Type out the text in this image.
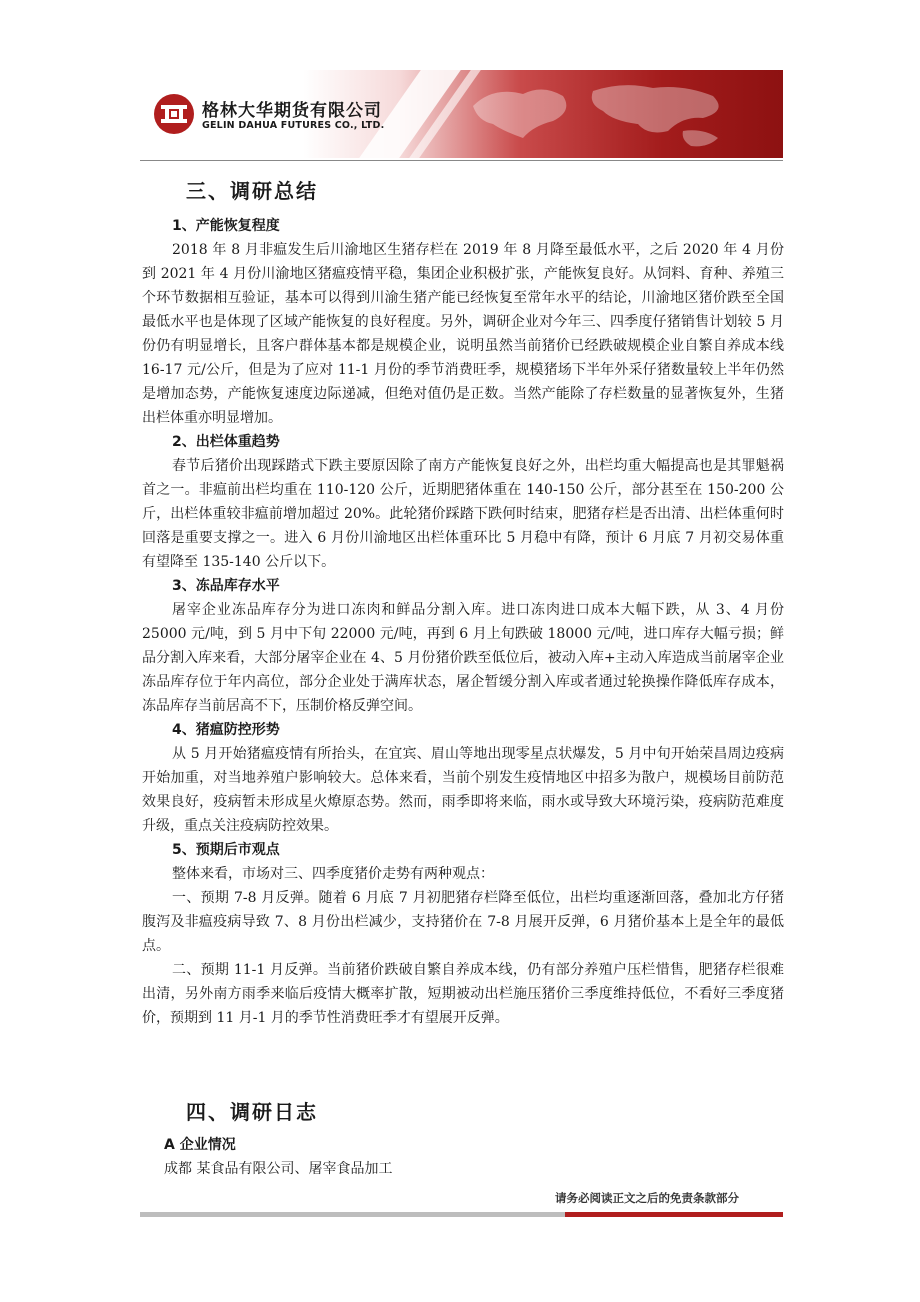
格林大华期货有限公司
GELIN DAHUA FUTURES CO., LTD.
三、调研总结
1、产能恢复程度

2018 年 8 月非瘟发生后川渝地区生猪存栏在 2019 年 8 月降至最低水平，之后 2020 年 4 月份到 2021 年 4 月份川渝地区猪瘟疫情平稳，集团企业积极扩张，产能恢复良好。从饲料、育种、养殖三个环节数据相互验证，基本可以得到川渝生猪产能已经恢复至常年水平的结论，川渝地区猪价跌至全国最低水平也是体现了区域产能恢复的良好程度。另外，调研企业对今年三、四季度仔猪销售计划较 5 月份仍有明显增长，且客户群体基本都是规模企业，说明虽然当前猪价已经跌破规模企业自繁自养成本线 16-17 元/公斤，但是为了应对 11-1 月份的季节消费旺季，规模猪场下半年外采仔猪数量较上半年仍然是增加态势，产能恢复速度边际递减，但绝对值仍是正数。当然产能除了存栏数量的显著恢复外，生猪出栏体重亦明显增加。

2、出栏体重趋势

春节后猪价出现踩踏式下跌主要原因除了南方产能恢复良好之外，出栏均重大幅提高也是其罪魁祸首之一。非瘟前出栏均重在 110-120 公斤，近期肥猪体重在 140-150 公斤，部分甚至在 150-200 公斤，出栏体重较非瘟前增加超过 20%。此轮猪价踩踏下跌何时结束，肥猪存栏是否出清、出栏体重何时回落是重要支撑之一。进入 6 月份川渝地区出栏体重环比 5 月稳中有降，预计 6 月底 7 月初交易体重有望降至 135-140 公斤以下。

3、冻品库存水平

屠宰企业冻品库存分为进口冻肉和鲜品分割入库。进口冻肉进口成本大幅下跌，从 3、4 月份 25000 元/吨，到 5 月中下旬 22000 元/吨，再到 6 月上旬跌破 18000 元/吨，进口库存大幅亏损；鲜品分割入库来看，大部分屠宰企业在 4、5 月份猪价跌至低位后，被动入库+主动入库造成当前屠宰企业冻品库存位于年内高位，部分企业处于满库状态，屠企暂缓分割入库或者通过轮换操作降低库存成本，冻品库存当前居高不下，压制价格反弹空间。

4、猪瘟防控形势

从 5 月开始猪瘟疫情有所抬头，在宜宾、眉山等地出现零星点状爆发，5 月中旬开始荣昌周边疫病开始加重，对当地养殖户影响较大。总体来看，当前个别发生疫情地区中招多为散户，规模场目前防范效果良好，疫病暂未形成星火燎原态势。然而，雨季即将来临，雨水或导致大环境污染，疫病防范难度升级，重点关注疫病防控效果。

5、预期后市观点

整体来看，市场对三、四季度猪价走势有两种观点：

一、预期 7-8 月反弹。随着 6 月底 7 月初肥猪存栏降至低位，出栏均重逐渐回落，叠加北方仔猪腹泻及非瘟疫病导致 7、8 月份出栏减少，支持猪价在 7-8 月展开反弹，6 月猪价基本上是全年的最低点。

二、预期 11-1 月反弹。当前猪价跌破自繁自养成本线，仍有部分养殖户压栏惜售，肥猪存栏很难出清，另外南方雨季来临后疫情大概率扩散，短期被动出栏施压猪价三季度维持低位，不看好三季度猪价，预期到 11 月-1 月的季节性消费旺季才有望展开反弹。

四、调研日志
A 企业情况

成都 某食品有限公司、屠宰食品加工

请务必阅读正文之后的免责条款部分
